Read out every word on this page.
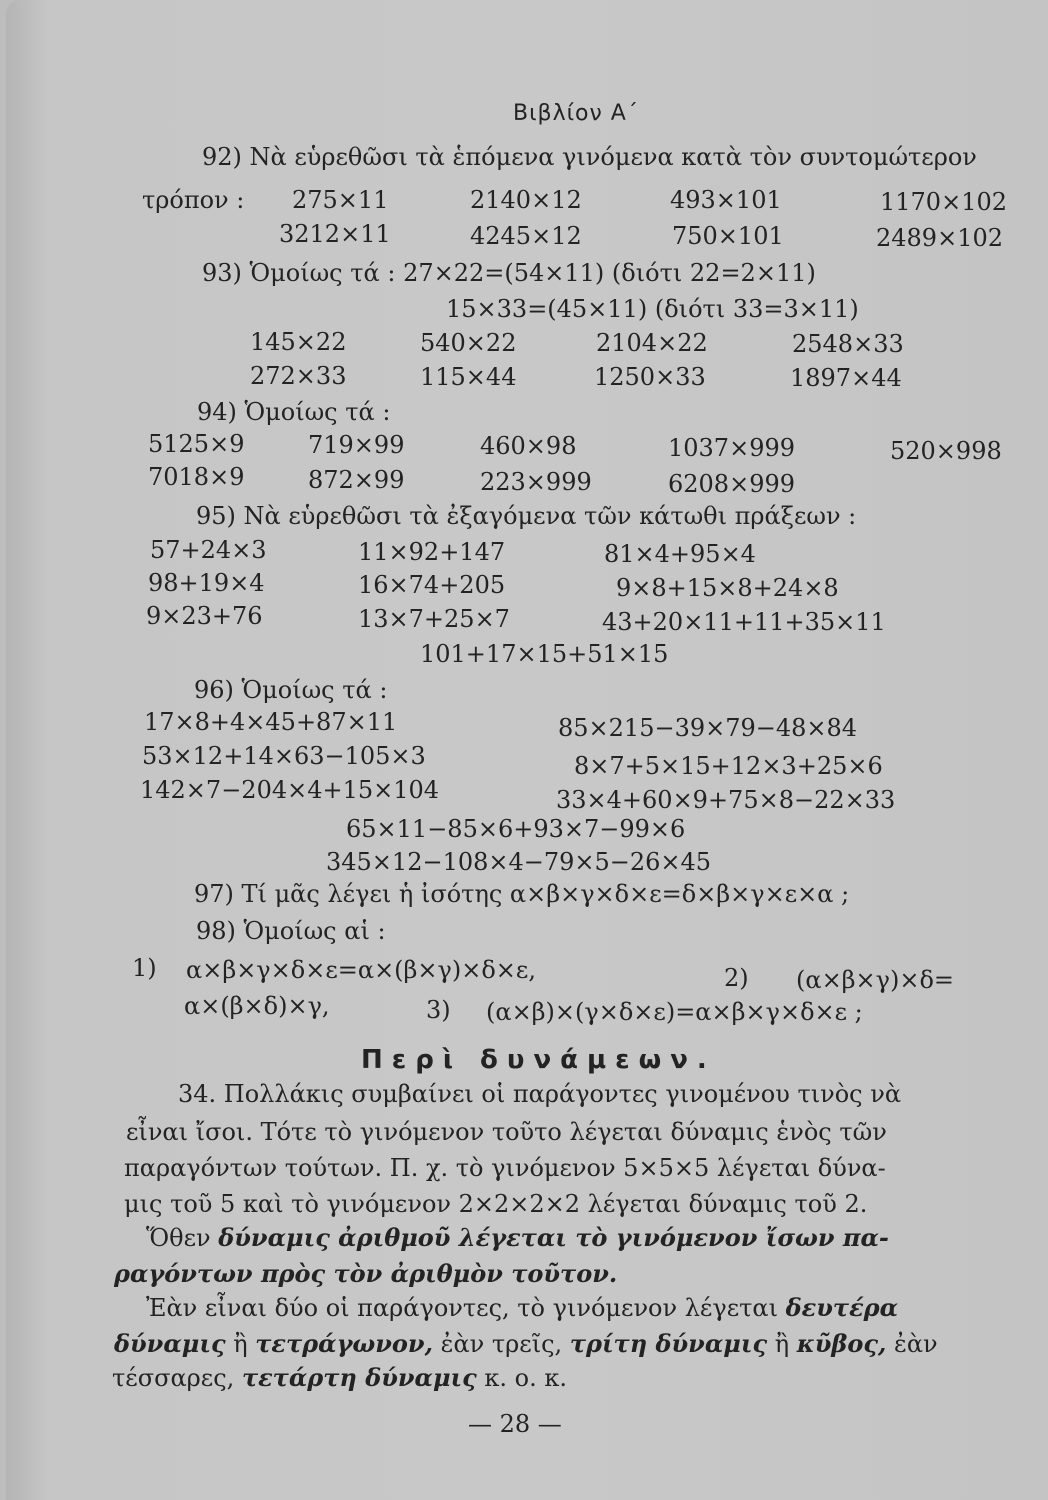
Βιβλίον Α΄
92) Νὰ εὑρεθῶσι τὰ ἑπόμενα γινόμενα κατὰ τὸν συντομώτερον
τρόπον : 275×11	2140×12	493×101	1170×102
3212×11	4245×12	750×101	2489×102
93) Ὁμοίως τά : 27×22=(54×11) (διότι 22=2×11)
15×33=(45×11) (διότι 33=3×11)
145×22	540×22	2104×22	2548×33
272×33	115×44	1250×33	1897×44
94) Ὁμοίως τά :
5125×9	719×99	460×98	1037×999	520×998
7018×9	872×99	223×999	6208×999
95) Νὰ εὑρεθῶσι τὰ ἐξαγόμενα τῶν κάτωθι πράξεων :
57+24×3	11×92+147	81×4+95×4
98+19×4	16×74+205	9×8+15×8+24×8
9×23+76	13×7+25×7	43+20×11+11+35×11
101+17×15+51×15
96) Ὁμοίως τά :
17×8+4×45+87×11	85×215−39×79−48×84
53×12+14×63−105×3	8×7+5×15+12×3+25×6
142×7−204×4+15×104	33×4+60×9+75×8−22×33
65×11−85×6+93×7−99×6
345×12−108×4−79×5−26×45
97) Τί μᾶς λέγει ἡ ἰσότης α×β×γ×δ×ε=δ×β×γ×ε×α ;
98) Ὁμοίως αἱ :
1) α×β×γ×δ×ε=α×(β×γ)×δ×ε,	2) (α×β×γ)×δ=
α×(β×δ)×γ,	3) (α×β)×(γ×δ×ε)=α×β×γ×δ×ε ;
Περὶ δυνάμεων.
34. Πολλάκις συμβαίνει οἱ παράγοντες γινομένου τινὸς νὰ
εἶναι ἴσοι. Τότε τὸ γινόμενον τοῦτο λέγεται δύναμις ἑνὸς τῶν
παραγόντων τούτων. Π. χ. τὸ γινόμενον 5×5×5 λέγεται δύνα-
μις τοῦ 5 καὶ τὸ γινόμενον 2×2×2×2 λέγεται δύναμις τοῦ 2.
Ὅθεν δύναμις ἀριθμοῦ λέγεται τὸ γινόμενον ἴσων πα-
ραγόντων πρὸς τὸν ἀριθμὸν τοῦτον.
Ἐὰν εἶναι δύο οἱ παράγοντες, τὸ γινόμενον λέγεται δευτέρα
δύναμις ἢ τετράγωνον, ἐὰν τρεῖς, τρίτη δύναμις ἢ κῦβος, ἐὰν
τέσσαρες, τετάρτη δύναμις κ. ο. κ.
— 28 —
